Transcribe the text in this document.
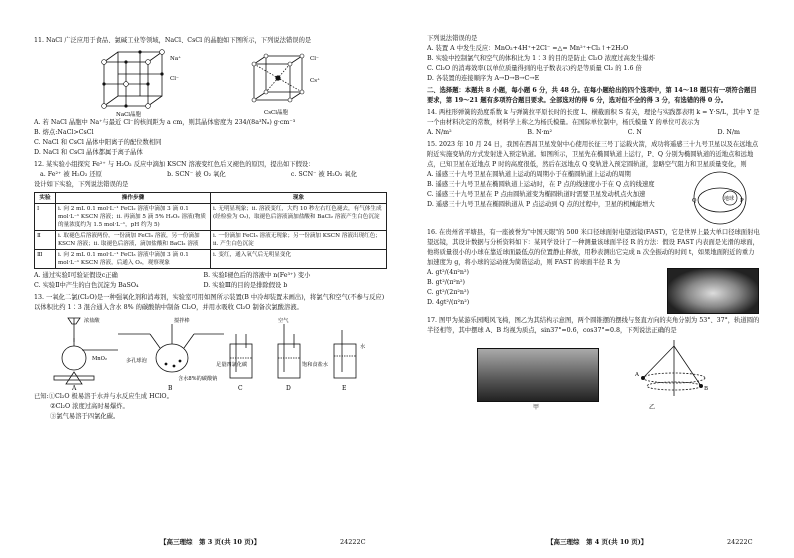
11. NaCl 广泛应用于食品、氯碱工业等领域，NaCl、CsCl 的晶胞如下图所示，下列说法错误的是
Na⁺
Cl⁻
NaCl晶胞
Cl⁻
Cs⁺
CsCl晶胞
A. 若 NaCl 晶胞中 Na⁺与最近 Cl⁻的核间距为 a cm，则其晶体密度为 234/(8a³Nₐ) g·cm⁻³
B. 熔点:NaCl>CsCl
C. NaCl 和 CsCl 晶体中阳离子的配位数相同
D. NaCl 和 CsCl 晶体都属于离子晶体
12. 某实验小组探究 Fe²⁺ 与 H₂O₂ 反应中滴加 KSCN 溶液变红色后又褪色的原因，提出如下假设：
a. Fe²⁺ 被 H₂O₂ 还原	b. SCN⁻ 被 O₂ 氧化	c. SCN⁻ 被 H₂O₂ 氧化
设计如下实验，下列说法错误的是
实验	操作步骤	现象
Ⅰ	i. 向 2 mL 0.1 mol·L⁻¹ FeCl₂ 溶液中滴加 3 滴 0.1 mol·L⁻¹ KSCN 溶液；ii. 再滴加 5 滴 5% H₂O₂ 溶液(物质的量浓度约为 1.5 mol·L⁻¹，pH 约为 5)	i. 无明显现象；ii. 溶液变红，大约 10 秒左右红色褪去，有气体生成(经检验为 O₂)，取褪色后溶液滴加盐酸和 BaCl₂ 溶液产生白色沉淀
Ⅱ	i. 取褪色后溶液两份，一份滴加 FeCl₃ 溶液，另一份滴加 KSCN 溶液；ii. 取褪色后溶液，滴加盐酸和 BaCl₂ 溶液	i. 一份滴加 FeCl₃ 溶液无现象；另一份滴加 KSCN 溶液出现红色；ii. 产生白色沉淀
Ⅲ	i. 向 2 mL 0.1 mol·L⁻¹ FeCl₃ 溶液中滴加 3 滴 0.1 mol·L⁻¹ KSCN 溶液，后通入 O₂，观察现象	i. 变红，通入氧气后无明显变化
A. 通过实验Ⅰ可验证假设c正确	B. 实验Ⅰ褪色后的溶液中 n(Fe³⁺) 变小
C. 实验Ⅱ中产生的白色沉淀为 BaSO₄	D. 实验Ⅲ的目的是排除假设 b
13. 一氧化二氯(Cl₂O)是一种强氧化剂和消毒剂，实验室可用如图所示装置(B 中冷却装置未画出)，将氯气和空气(不参与反应)以体积比约 1∶3 混合通入含水 8% 的碳酸钠中制备 Cl₂O，并用水吸收 Cl₂O 制备次氯酸溶液。
浓盐酸
MnO₂
A
搅拌棒
多孔球泡
含水8%的碳酸钠
B
足量四氯化碳
C
空气
饱和食盐水
D
水
E
已知:①Cl₂O 极易溶于水并与水反应生成 HClO。
②Cl₂O 浓度过高时易爆炸。
③氯气易溶于四氯化碳。
【高三理综　第 3 页(共 10 页)】	24222C
下列说法错误的是
A. 装置 A 中发生反应：MnO₂+4H⁺+2Cl⁻ =△= Mn²⁺+Cl₂↑+2H₂O
B. 实验中控制氯气和空气的体积比为 1∶3 的目的是防止 Cl₂O 浓度过高发生爆炸
C. Cl₂O 的消毒效率(以单位质量得到的电子数表示)约是等质量 Cl₂ 的 1.6 倍
D. 各装置的连接顺序为 A→D→B→C→E
二、选择题：本题共 8 小题，每小题 6 分，共 48 分。在每小题给出的四个选项中，第 14～18 题只有一项符合题目要求，第 19～21 题有多项符合题目要求。全部选对的得 6 分，选对但不全的得 3 分，有选错的得 0 分。
14. 两柱形弹簧的劲度系数 k 与弹簧拉平原长时的长度 L、横截面积 S 有关，理论与实践都表明 k = Y·S/L，其中 Y 是一个由材料决定的常数，材料学上称之为杨氏模量。在国际单位制中，杨氏模量 Y 的单位可表示为
A. N/m²	B. N·m²	C. N	D. N/m
15. 2023 年 10 月 24 日，我国在西昌卫星发射中心使用长征三号丁运载火箭，成功将遥感三十九号卫星以及在远地点附近实施变轨的方式发射进入预定轨道。如图所示，卫星先在椭圆轨道上运行，P、Q 分别为椭圆轨道的近地点和远地点，已知卫星在近地点 P 时的高度很低，然后在远地点 Q 变轨进入预定圆轨道，忽略空气阻力和卫星质量变化，则
A. 遥感三十九号卫星在圆轨道上运动的周期小于在椭圆轨道上运动的周期
B. 遥感三十九号卫星在椭圆轨道上运动时，在 P 点的线速度小于在 Q 点的线速度
C. 遥感三十九号卫星在 P 点由圆轨道变为椭圆轨道时需要卫星发动机点火加速
D. 遥感三十九号卫星在椭圆轨道从 P 点运动到 Q 点的过程中，卫星的机械能增大
地球 P
Q
16. 在贵州省平塘县，有一座被誉为"中国天眼"的 500 米口径球面射电望远镜(FAST)，它是世界上最大单口径球面射电望远镜，其设计数据与分析资料如下：某同学设计了一种测量该球面半径 R 的方法：假设 FAST 内表面是光滑的球面，他将质量很小的小球在靠近球面最低点的位置静止释放，用秒表测出它完成 n 次全振动的时间 t，如果地面附近的重力加速度为 g，将小球的运动视为简谐运动，则 FAST 的球面半径 R 为
A. gt²/(4π²n²)
B. gt²/(π²n²)
C. gt²/(2π²n²)
D. 4gt²/(π²n²)
17. 图甲为某游乐园飓风飞椅，图乙为其结构示意图，两个圆锥摆的摆线与竖直方向的夹角分别为 53°、37°，轨道圆的半径相等，其中摆球 A、B 均视为质点，sin37°=0.6，cos37°=0.8，下列说法正确的是
A
B
甲	乙
【高三理综　第 4 页(共 10 页)】	24222C
